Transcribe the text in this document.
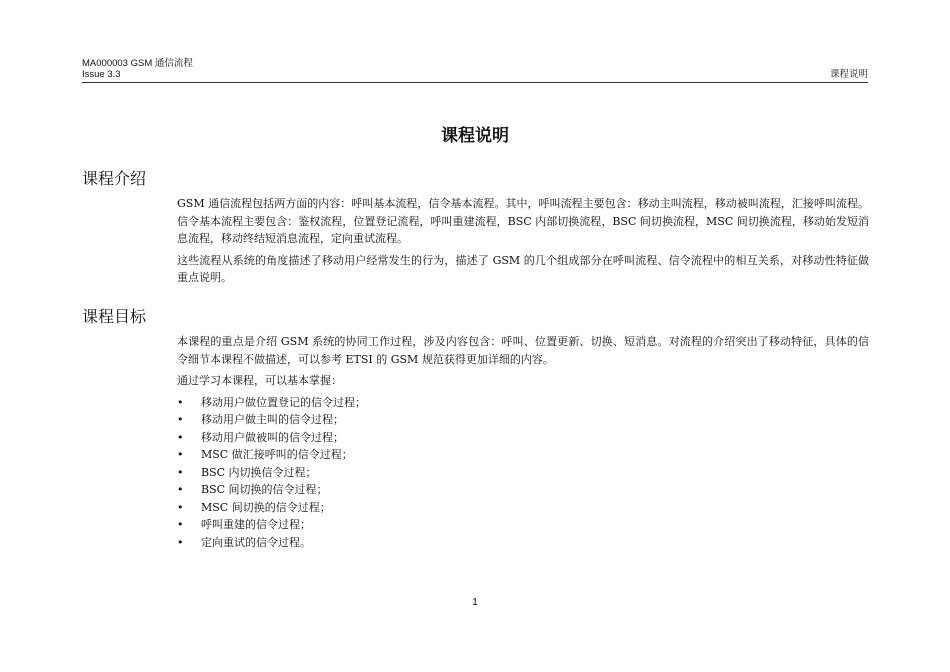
MA000003 GSM 通信流程
Issue 3.3	课程说明
课程说明
课程介绍

GSM 通信流程包括两方面的内容：呼叫基本流程，信令基本流程。其中，呼叫流程主要包含：移动主叫流程，移动被叫流程，汇接呼叫流程。信令基本流程主要包含：鉴权流程，位置登记流程，呼叫重建流程，BSC 内部切换流程，BSC 间切换流程，MSC 间切换流程，移动始发短消息流程，移动终结短消息流程，定向重试流程。

这些流程从系统的角度描述了移动用户经常发生的行为，描述了 GSM 的几个组成部分在呼叫流程、信令流程中的相互关系，对移动性特征做重点说明。

课程目标

本课程的重点是介绍 GSM 系统的协同工作过程，涉及内容包含：呼叫、位置更新、切换、短消息。对流程的介绍突出了移动特征，具体的信令细节本课程不做描述，可以参考 ETSI 的 GSM 规范获得更加详细的内容。

通过学习本课程，可以基本掌握：

• 移动用户做位置登记的信令过程；
• 移动用户做主叫的信令过程；
• 移动用户做被叫的信令过程；
• MSC 做汇接呼叫的信令过程；
• BSC 内切换信令过程；
• BSC 间切换的信令过程；
• MSC 间切换的信令过程；
• 呼叫重建的信令过程；
• 定向重试的信令过程。
1
